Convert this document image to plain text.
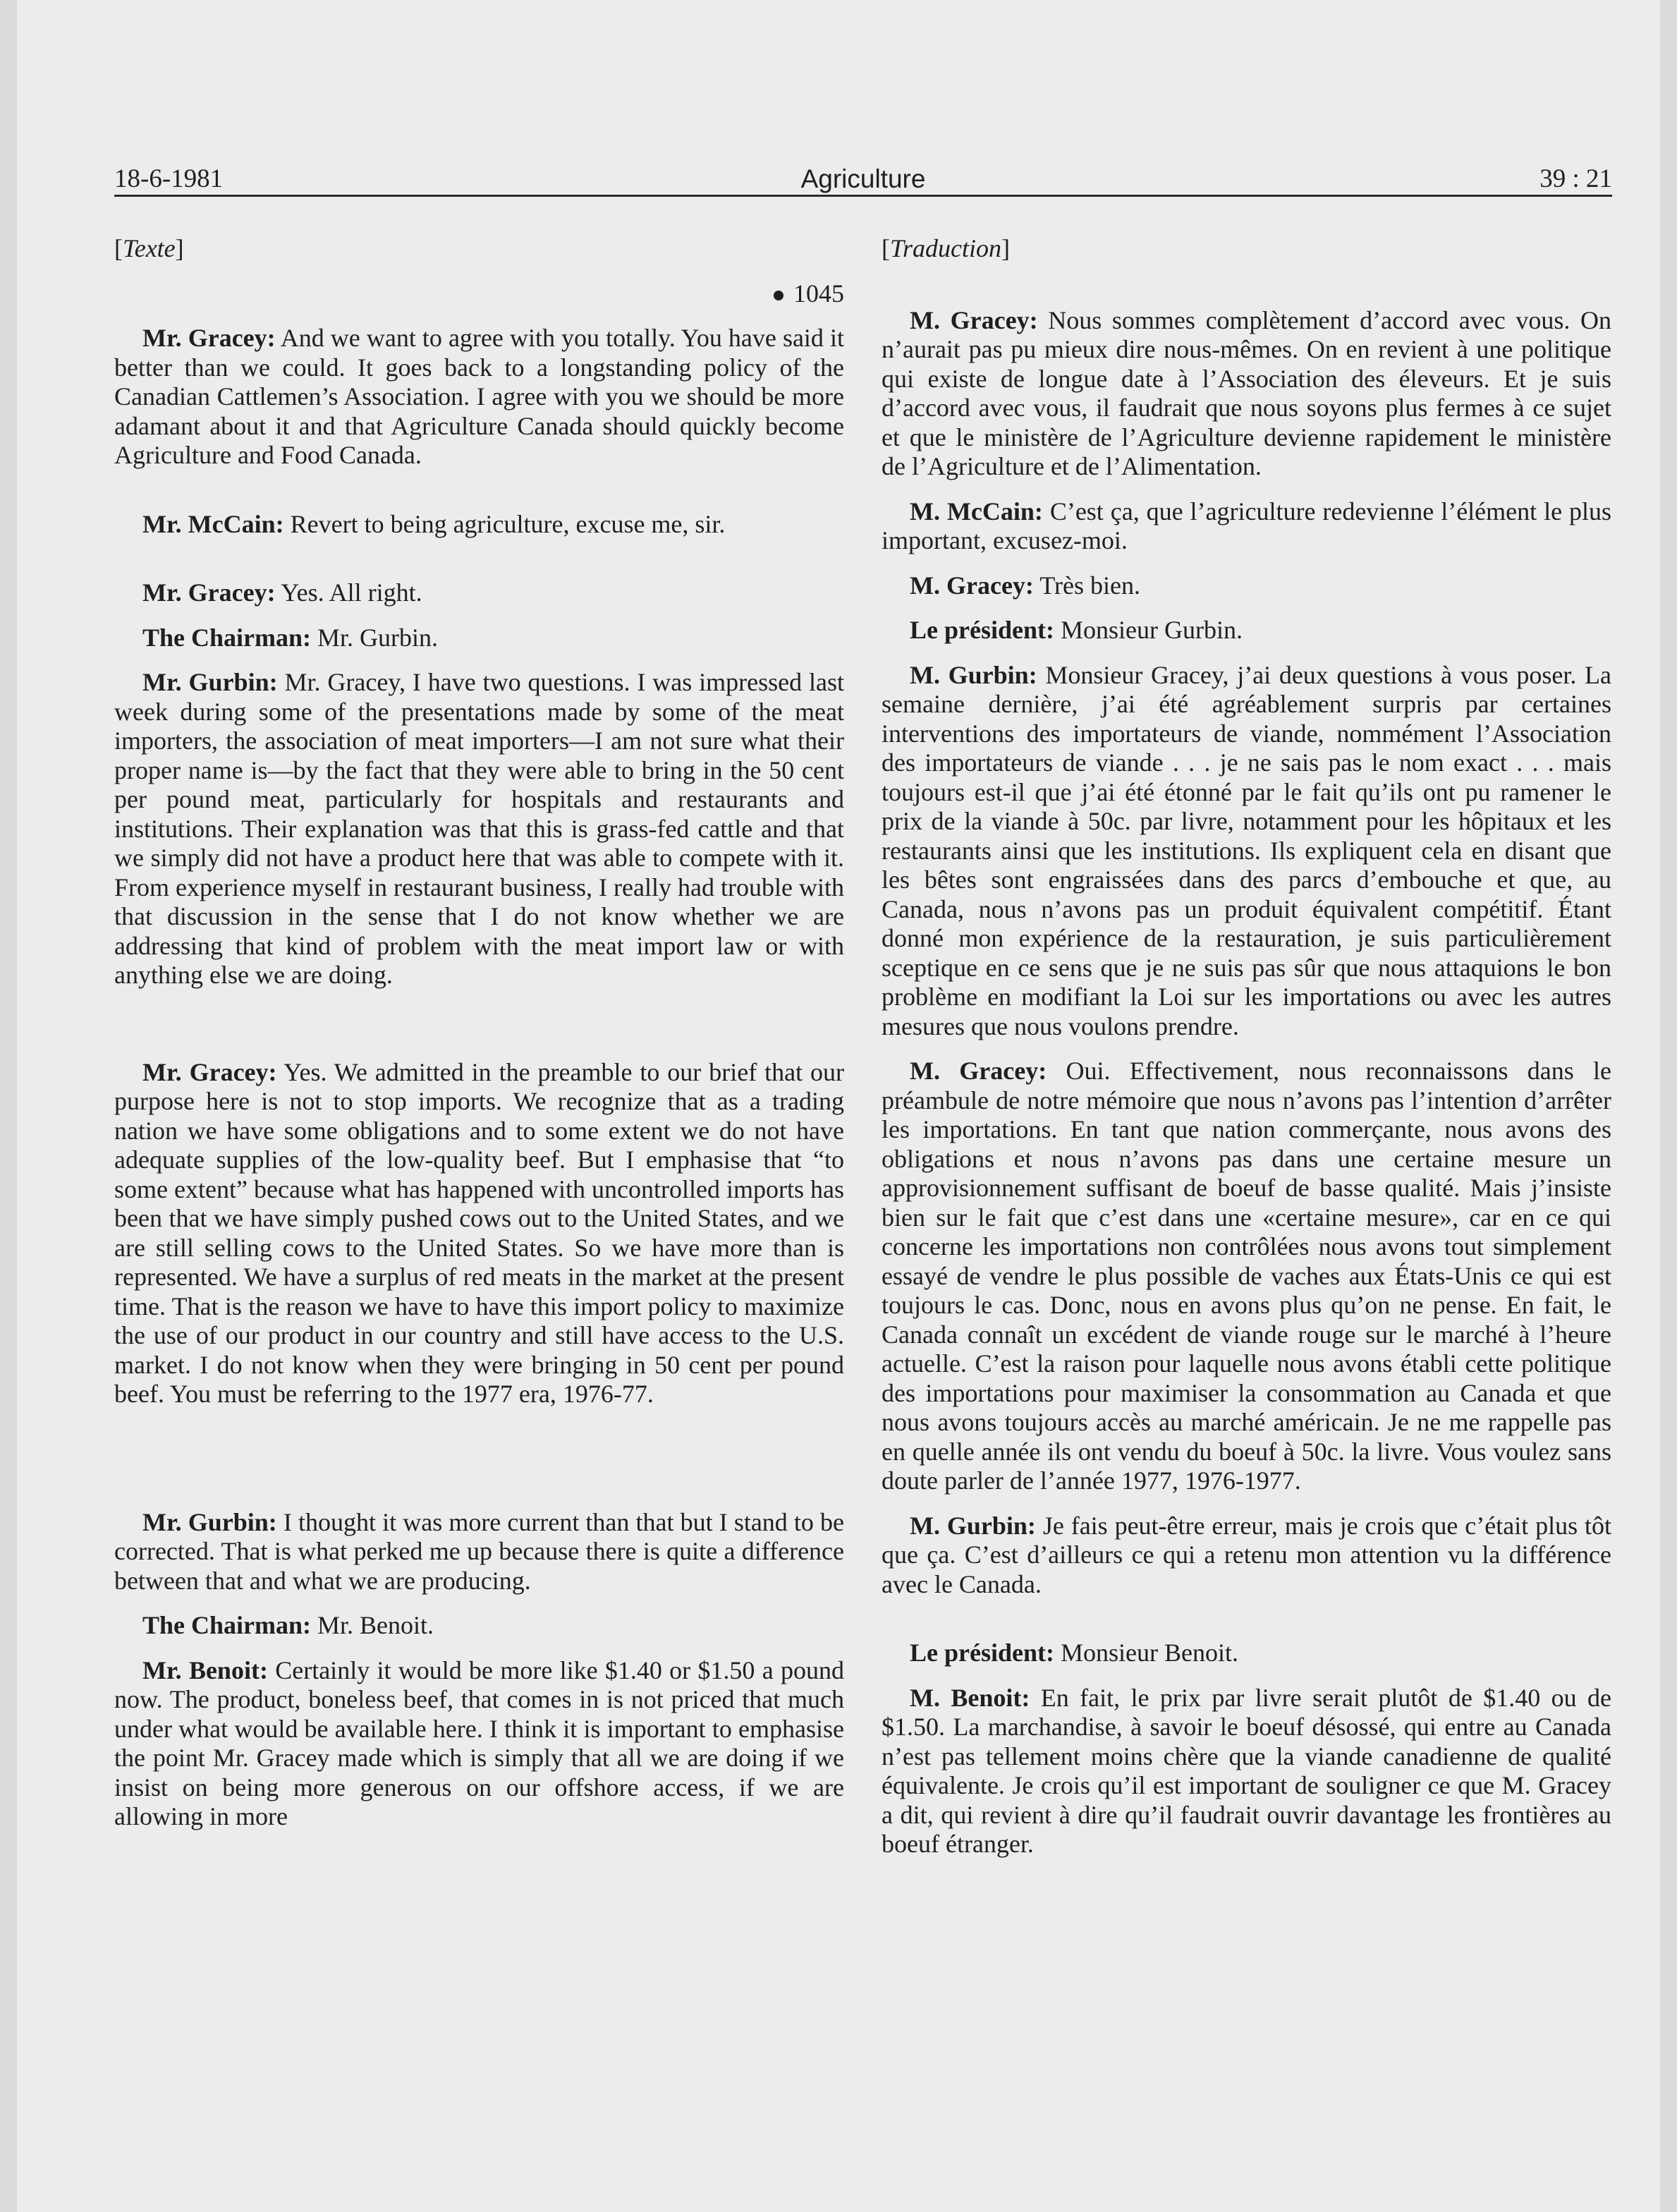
18-6-1981	Agriculture	39 : 21

[Texte]

1045

Mr. Gracey: And we want to agree with you totally. You have said it better than we could. It goes back to a longstanding policy of the Canadian Cattlemen’s Association. I agree with you we should be more adamant about it and that Agriculture Canada should quickly become Agriculture and Food Canada.

Mr. McCain: Revert to being agriculture, excuse me, sir.

Mr. Gracey: Yes. All right.

The Chairman: Mr. Gurbin.

Mr. Gurbin: Mr. Gracey, I have two questions. I was impressed last week during some of the presentations made by some of the meat importers, the association of meat importers—I am not sure what their proper name is—by the fact that they were able to bring in the 50 cent per pound meat, particularly for hospitals and restaurants and institutions. Their explanation was that this is grass-fed cattle and that we simply did not have a product here that was able to compete with it. From experience myself in restaurant business, I really had trouble with that discussion in the sense that I do not know whether we are addressing that kind of problem with the meat import law or with anything else we are doing.

Mr. Gracey: Yes. We admitted in the preamble to our brief that our purpose here is not to stop imports. We recognize that as a trading nation we have some obligations and to some extent we do not have adequate supplies of the low-quality beef. But I emphasise that “to some extent” because what has happened with uncontrolled imports has been that we have simply pushed cows out to the United States, and we are still selling cows to the United States. So we have more than is represented. We have a surplus of red meats in the market at the present time. That is the reason we have to have this import policy to maximize the use of our product in our country and still have access to the U.S. market. I do not know when they were bringing in 50 cent per pound beef. You must be referring to the 1977 era, 1976-77.

Mr. Gurbin: I thought it was more current than that but I stand to be corrected. That is what perked me up because there is quite a difference between that and what we are producing.

The Chairman: Mr. Benoit.

Mr. Benoit: Certainly it would be more like $1.40 or $1.50 a pound now. The product, boneless beef, that comes in is not priced that much under what would be available here. I think it is important to emphasise the point Mr. Gracey made which is simply that all we are doing if we insist on being more generous on our offshore access, if we are allowing in more

[Traduction]

M. Gracey: Nous sommes complètement d’accord avec vous. On n’aurait pas pu mieux dire nous-mêmes. On en revient à une politique qui existe de longue date à l’Association des éleveurs. Et je suis d’accord avec vous, il faudrait que nous soyons plus fermes à ce sujet et que le ministère de l’Agriculture devienne rapidement le ministère de l’Agriculture et de l’Alimentation.

M. McCain: C’est ça, que l’agriculture redevienne l’élément le plus important, excusez-moi.

M. Gracey: Très bien.

Le président: Monsieur Gurbin.

M. Gurbin: Monsieur Gracey, j’ai deux questions à vous poser. La semaine dernière, j’ai été agréablement surpris par certaines interventions des importateurs de viande, nommément l’Association des importateurs de viande . . . je ne sais pas le nom exact . . . mais toujours est-il que j’ai été étonné par le fait qu’ils ont pu ramener le prix de la viande à 50c. par livre, notamment pour les hôpitaux et les restaurants ainsi que les institutions. Ils expliquent cela en disant que les bêtes sont engraissées dans des parcs d’embouche et que, au Canada, nous n’avons pas un produit équivalent compétitif. Étant donné mon expérience de la restauration, je suis particulièrement sceptique en ce sens que je ne suis pas sûr que nous attaquions le bon problème en modifiant la Loi sur les importations ou avec les autres mesures que nous voulons prendre.

M. Gracey: Oui. Effectivement, nous reconnaissons dans le préambule de notre mémoire que nous n’avons pas l’intention d’arrêter les importations. En tant que nation commerçante, nous avons des obligations et nous n’avons pas dans une certaine mesure un approvisionnement suffisant de boeuf de basse qualité. Mais j’insiste bien sur le fait que c’est dans une «certaine mesure», car en ce qui concerne les importations non contrôlées nous avons tout simplement essayé de vendre le plus possible de vaches aux États-Unis ce qui est toujours le cas. Donc, nous en avons plus qu’on ne pense. En fait, le Canada connaît un excédent de viande rouge sur le marché à l’heure actuelle. C’est la raison pour laquelle nous avons établi cette politique des importations pour maximiser la consommation au Canada et que nous avons toujours accès au marché américain. Je ne me rappelle pas en quelle année ils ont vendu du boeuf à 50c. la livre. Vous voulez sans doute parler de l’année 1977, 1976-1977.

M. Gurbin: Je fais peut-être erreur, mais je crois que c’était plus tôt que ça. C’est d’ailleurs ce qui a retenu mon attention vu la différence avec le Canada.

Le président: Monsieur Benoit.

M. Benoit: En fait, le prix par livre serait plutôt de $1.40 ou de $1.50. La marchandise, à savoir le boeuf désossé, qui entre au Canada n’est pas tellement moins chère que la viande canadienne de qualité équivalente. Je crois qu’il est important de souligner ce que M. Gracey a dit, qui revient à dire qu’il faudrait ouvrir davantage les frontières au boeuf étranger.
